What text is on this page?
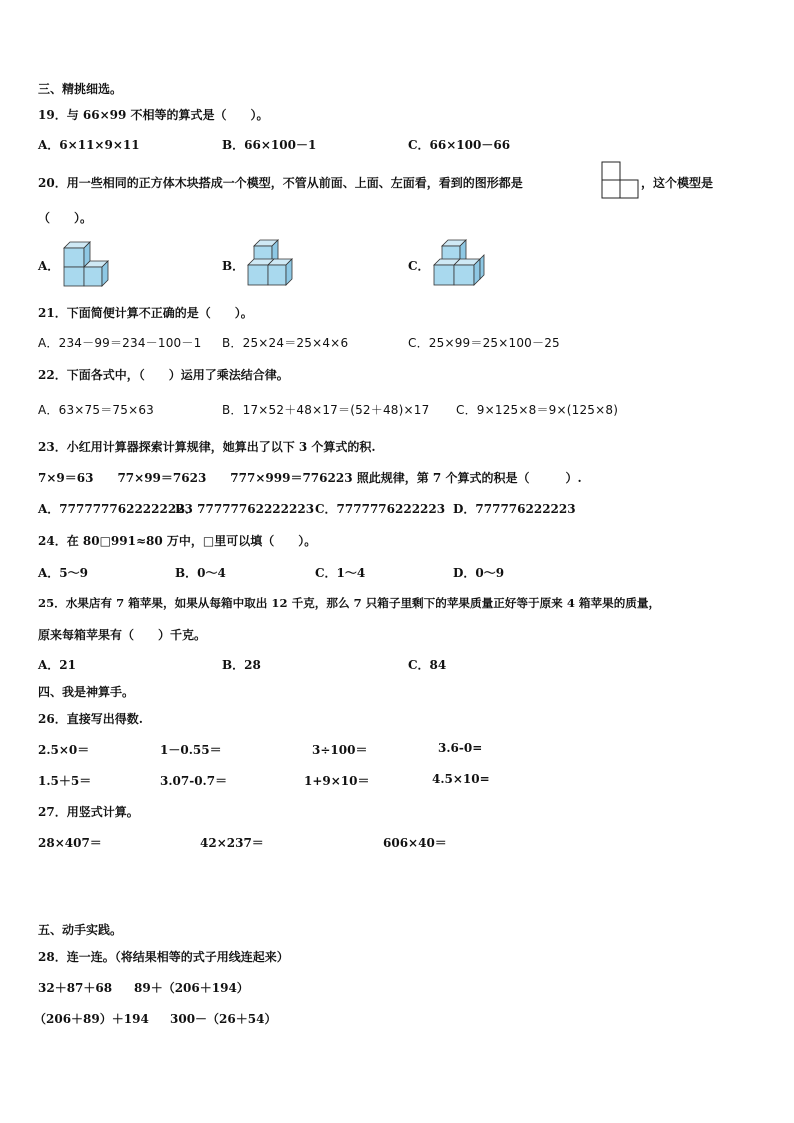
三、精挑细选。
19．与 66×99 不相等的算式是（　　）。
A．6×11×9×11	B．66×100－1	C．66×100－66
20．用一些相同的正方体木块搭成一个模型，不管从前面、上面、左面看，看到的图形都是	，这个模型是
（　　）。
A．	B．	C．
21．下面简便计算不正确的是（　　）。
A．234－99＝234－100－1 B．25×24＝25×4×6	C．25×99＝25×100－25
22．下面各式中，（　　）运用了乘法结合律。
A．63×75＝75×63	B．17×52＋48×17＝(52＋48)×17 C．9×125×8＝9×(125×8)
23．小红用计算器探索计算规律，她算出了以下 3 个算式的积.
7×9＝63　　77×99＝7623　　777×999＝776223 照此规律，第 7 个算式的积是（　　　）.
A．7777777622222223
B．77777762222223 C．7777776222223 D．777776222223
24．在 80□991≈80 万中，□里可以填（　　）。
A．5～9	B．0～4	C．1～4	D．0～9
25．水果店有 7 箱苹果，如果从每箱中取出 12 千克，那么 7 只箱子里剩下的苹果质量正好等于原来 4 箱苹果的质量，
原来每箱苹果有（　　）千克。
A．21	B．28	C．84
四、我是神算手。
26．直接写出得数.
2.5×0＝	1－0.55＝	3÷100＝	3.6-0=
1.5＋5＝	3.07-0.7＝	1+9×10＝	4.5×10=
27．用竖式计算。
28×407＝	42×237＝	606×40＝
五、动手实践。
28．连一连。（将结果相等的式子用线连起来）
32＋87＋68 89＋（206＋194）
（206＋89）＋194 300－（26＋54）
